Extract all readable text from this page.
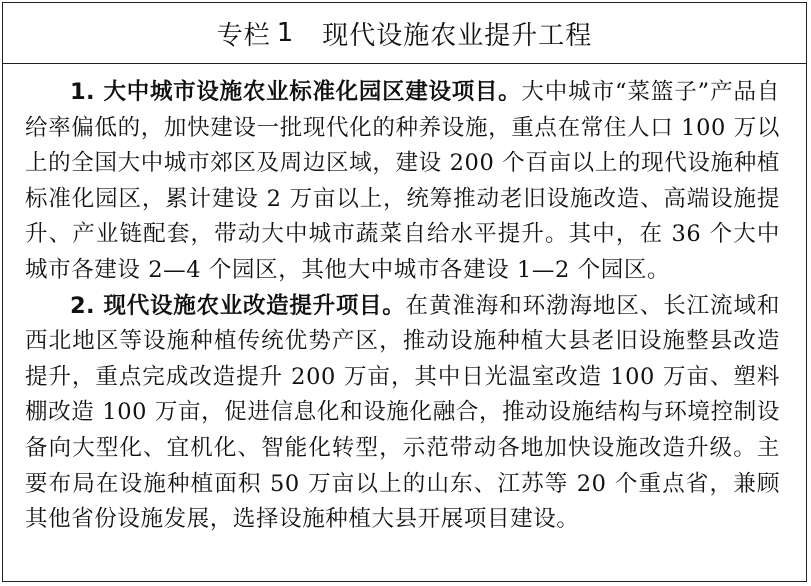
专栏 1 现代设施农业提升工程

1. 大中城市设施农业标准化园区建设项目。大中城市“菜篮子”产品自给率偏低的，加快建设一批现代化的种养设施，重点在常住人口 100 万以上的全国大中城市郊区及周边区域，建设 200 个百亩以上的现代设施种植标准化园区，累计建设 2 万亩以上，统筹推动老旧设施改造、高端设施提升、产业链配套，带动大中城市蔬菜自给水平提升。其中，在 36 个大中城市各建设 2—4 个园区，其他大中城市各建设 1—2 个园区。

2. 现代设施农业改造提升项目。在黄淮海和环渤海地区、长江流域和西北地区等设施种植传统优势产区，推动设施种植大县老旧设施整县改造提升，重点完成改造提升 200 万亩，其中日光温室改造 100 万亩、塑料棚改造 100 万亩，促进信息化和设施化融合，推动设施结构与环境控制设备向大型化、宜机化、智能化转型，示范带动各地加快设施改造升级。主要布局在设施种植面积 50 万亩以上的山东、江苏等 20 个重点省，兼顾其他省份设施发展，选择设施种植大县开展项目建设。
